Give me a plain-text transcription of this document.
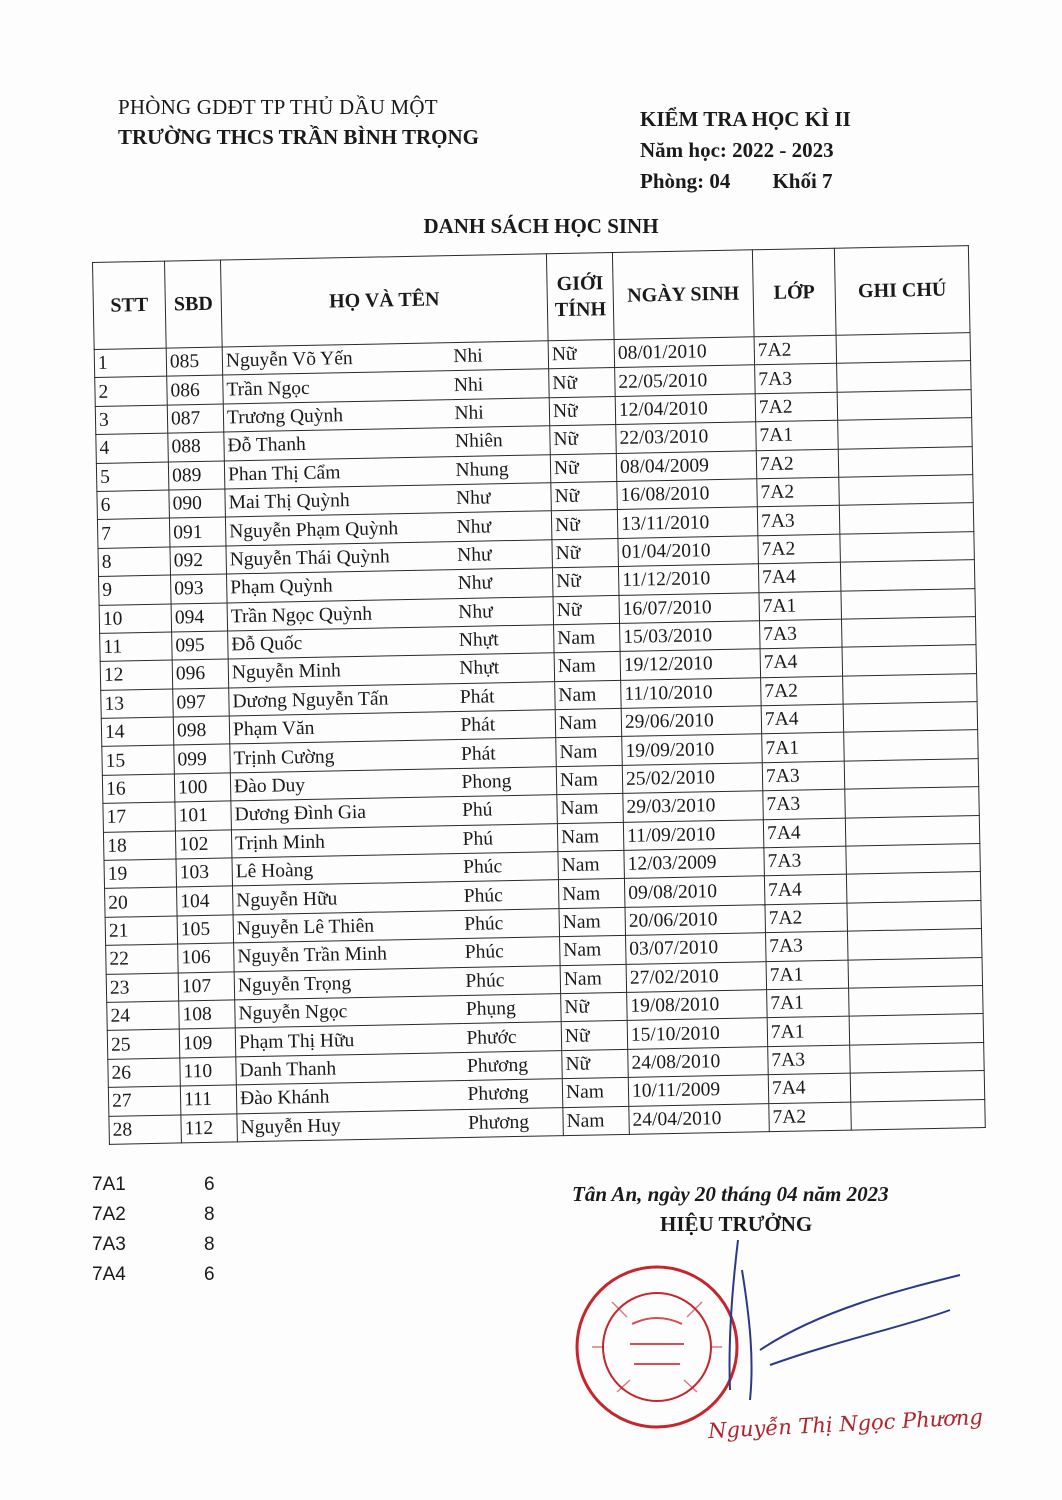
PHÒNG GDĐT TP THỦ DẦU MỘT
TRƯỜNG THCS TRẦN BÌNH TRỌNG
KIỂM TRA HỌC KÌ II
Năm học: 2022 - 2023
Phòng: 04 Khối 7
DANH SÁCH HỌC SINH
STT	SBD	HỌ VÀ TÊN		GIỚI
TÍNH	NGÀY SINH	LỚP	GHI CHÚ
1	085	Nguyễn Võ Yến	Nhi	Nữ	08/01/2010	7A2	
2	086	Trần Ngọc	Nhi	Nữ	22/05/2010	7A3	
3	087	Trương Quỳnh	Nhi	Nữ	12/04/2010	7A2	
4	088	Đỗ Thanh	Nhiên	Nữ	22/03/2010	7A1	
5	089	Phan Thị Cẩm	Nhung	Nữ	08/04/2009	7A2	
6	090	Mai Thị Quỳnh	Như	Nữ	16/08/2010	7A2	
7	091	Nguyễn Phạm Quỳnh	Như	Nữ	13/11/2010	7A3	
8	092	Nguyễn Thái Quỳnh	Như	Nữ	01/04/2010	7A2	
9	093	Phạm Quỳnh	Như	Nữ	11/12/2010	7A4	
10	094	Trần Ngọc Quỳnh	Như	Nữ	16/07/2010	7A1	
11	095	Đỗ Quốc	Nhựt	Nam	15/03/2010	7A3	
12	096	Nguyễn Minh	Nhựt	Nam	19/12/2010	7A4	
13	097	Dương Nguyễn Tấn	Phát	Nam	11/10/2010	7A2	
14	098	Phạm Văn	Phát	Nam	29/06/2010	7A4	
15	099	Trịnh Cường	Phát	Nam	19/09/2010	7A1	
16	100	Đào Duy	Phong	Nam	25/02/2010	7A3	
17	101	Dương Đình Gia	Phú	Nam	29/03/2010	7A3	
18	102	Trịnh Minh	Phú	Nam	11/09/2010	7A4	
19	103	Lê Hoàng	Phúc	Nam	12/03/2009	7A3	
20	104	Nguyễn Hữu	Phúc	Nam	09/08/2010	7A4	
21	105	Nguyễn Lê Thiên	Phúc	Nam	20/06/2010	7A2	
22	106	Nguyễn Trần Minh	Phúc	Nam	03/07/2010	7A3	
23	107	Nguyễn Trọng	Phúc	Nam	27/02/2010	7A1	
24	108	Nguyễn Ngọc	Phụng	Nữ	19/08/2010	7A1	
25	109	Phạm Thị Hữu	Phước	Nữ	15/10/2010	7A1	
26	110	Danh Thanh	Phương	Nữ	24/08/2010	7A3	
27	111	Đào Khánh	Phương	Nam	10/11/2009	7A4	
28	112	Nguyễn Huy	Phương	Nam	24/04/2010	7A2	
7A1	6
7A2	8
7A3	8
7A4	6
Tân An, ngày 20 tháng 04 năm 2023
HIỆU TRƯỞNG
Nguyễn Thị Ngọc Phương
